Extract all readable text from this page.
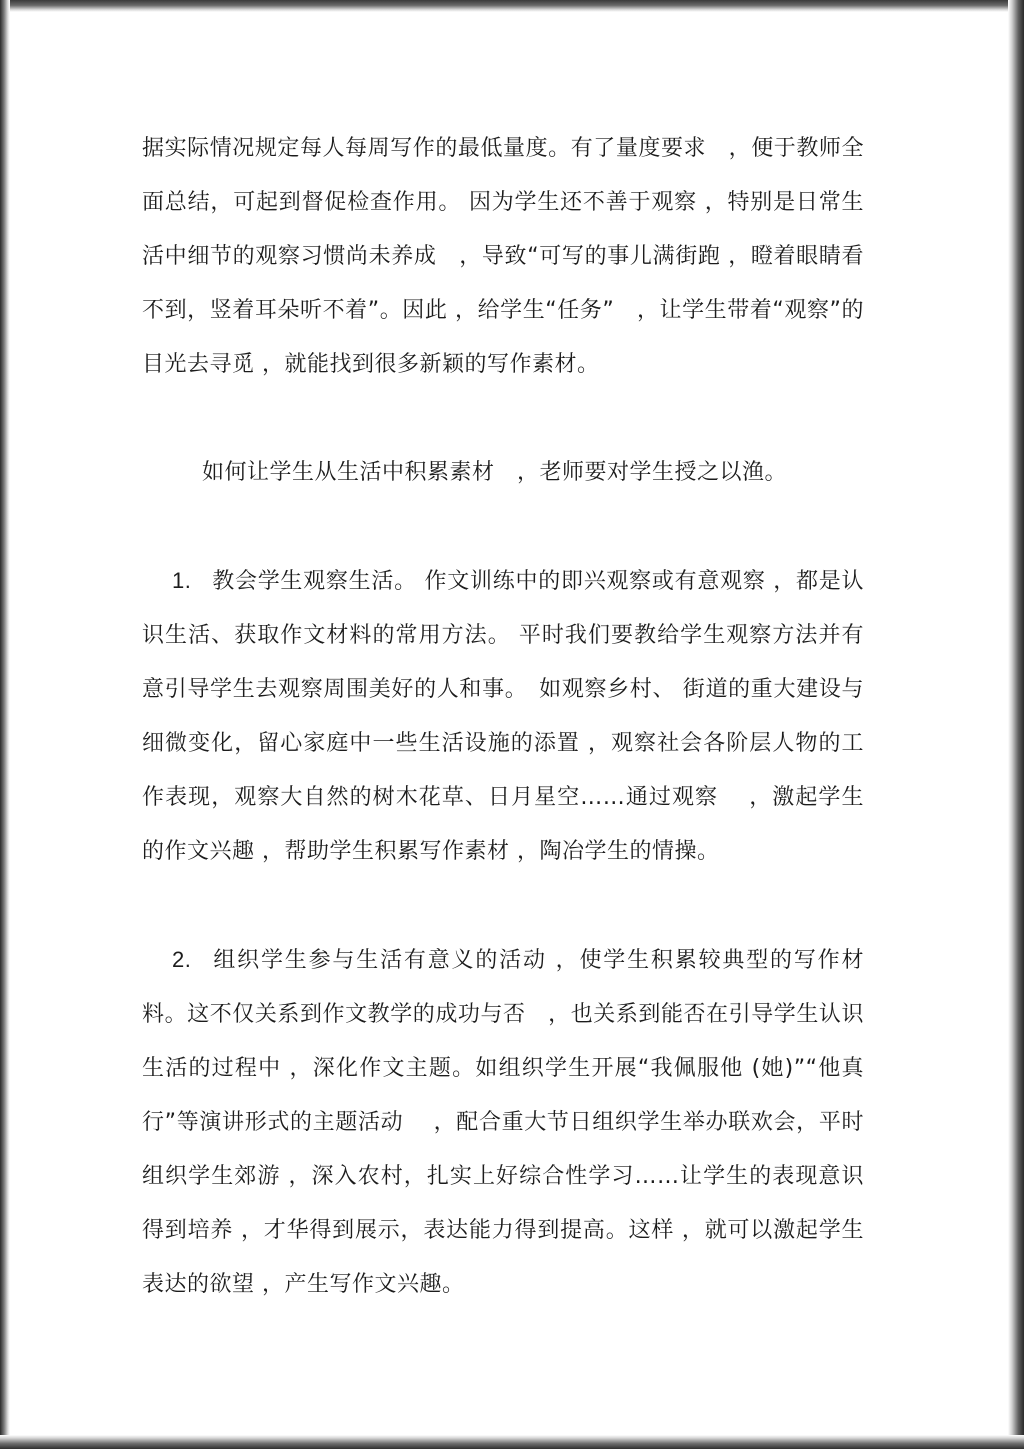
据实际情况规定每人每周写作的最低量度。有了量度要求　，便于教师全面总结，可起到督促检查作用。 因为学生还不善于观察 ，特别是日常生活中细节的观察习惯尚未养成　，导致“可写的事儿满街跑 ，瞪着眼睛看不到，竖着耳朵听不着”。因此 ，给学生“任务”　，让学生带着“观察”的目光去寻觅 ，就能找到很多新颖的写作素材。

如何让学生从生活中积累素材　，老师要对学生授之以渔。

1. 教会学生观察生活。 作文训练中的即兴观察或有意观察 ，都是认识生活、获取作文材料的常用方法。 平时我们要教给学生观察方法并有意引导学生去观察周围美好的人和事。　如观察乡村、 街道的重大建设与细微变化，留心家庭中一些生活设施的添置 ，观察社会各阶层人物的工作表现，观察大自然的树木花草、日月星空……通过观察　 ，激起学生的作文兴趣 ，帮助学生积累写作素材 ，陶冶学生的情操。

2. 组织学生参与生活有意义的活动 ，使学生积累较典型的写作材料。这不仅关系到作文教学的成功与否　，也关系到能否在引导学生认识生活的过程中 ，深化作文主题。如组织学生开展“我佩服他 (她)”“他真行”等演讲形式的主题活动 　，配合重大节日组织学生举办联欢会，平时组织学生郊游 ，深入农村，扎实上好综合性学习……让学生的表现意识得到培养 ，才华得到展示，表达能力得到提高。这样 ，就可以激起学生表达的欲望 ，产生写作文兴趣。
